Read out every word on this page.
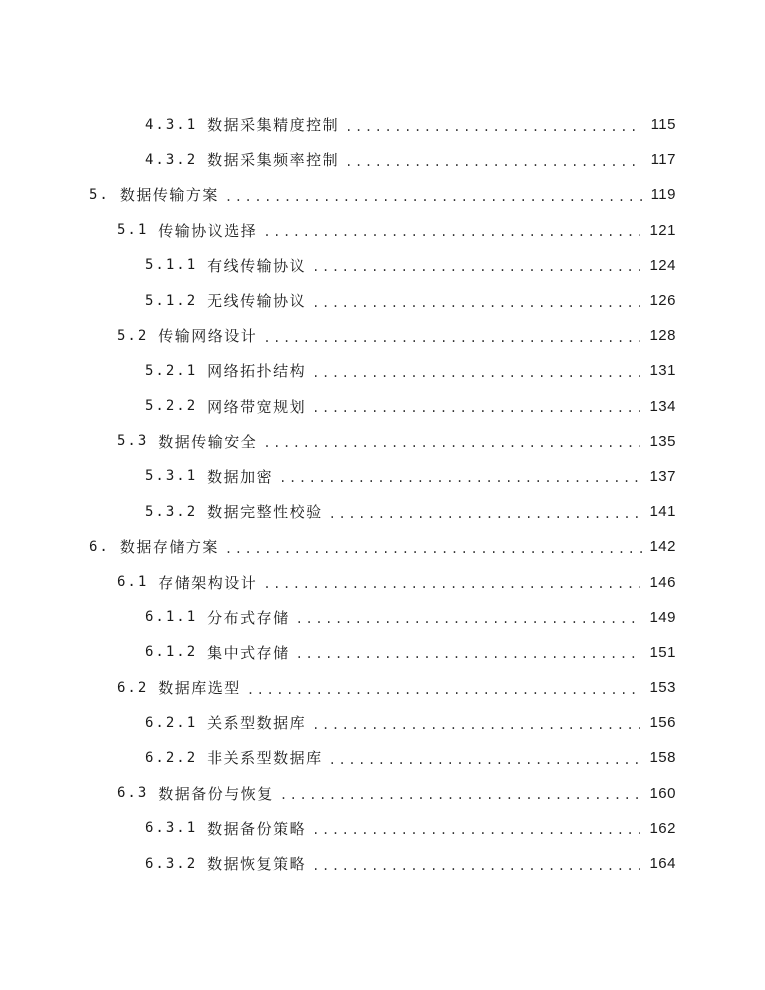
4.3.1 数据采集精度控制 .....	115
4.3.2 数据采集频率控制 .....	117
5. 数据传输方案 .....	119
5.1 传输协议选择 .....	121
5.1.1 有线传输协议 .....	124
5.1.2 无线传输协议 .....	126
5.2 传输网络设计 .....	128
5.2.1 网络拓扑结构 .....	131
5.2.2 网络带宽规划 .....	134
5.3 数据传输安全 .....	135
5.3.1 数据加密 .....	137
5.3.2 数据完整性校验 .....	141
6. 数据存储方案 .....	142
6.1 存储架构设计 .....	146
6.1.1 分布式存储 .....	149
6.1.2 集中式存储 .....	151
6.2 数据库选型 .....	153
6.2.1 关系型数据库 .....	156
6.2.2 非关系型数据库 .....	158
6.3 数据备份与恢复 .....	160
6.3.1 数据备份策略 .....	162
6.3.2 数据恢复策略 .....	164
